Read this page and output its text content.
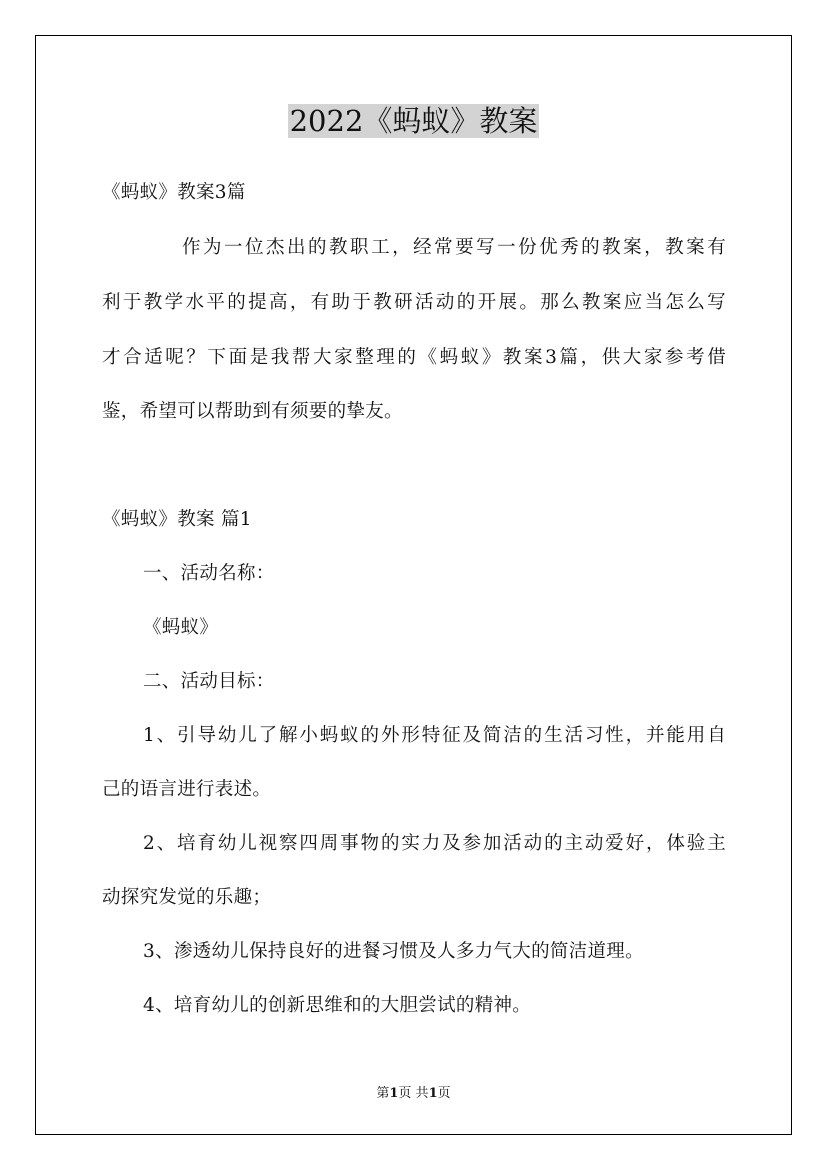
2022《蚂蚁》教案
《蚂蚁》教案3篇
作为一位杰出的教职工，经常要写一份优秀的教案，教案有
利于教学水平的提高，有助于教研活动的开展。那么教案应当怎么写
才合适呢？下面是我帮大家整理的《蚂蚁》教案3篇，供大家参考借
鉴，希望可以帮助到有须要的挚友。
《蚂蚁》教案 篇1
一、活动名称：
《蚂蚁》
二、活动目标：
1、引导幼儿了解小蚂蚁的外形特征及简洁的生活习性，并能用自
己的语言进行表述。
2、培育幼儿视察四周事物的实力及参加活动的主动爱好，体验主
动探究发觉的乐趣；
3、渗透幼儿保持良好的进餐习惯及人多力气大的简洁道理。
4、培育幼儿的创新思维和的大胆尝试的精神。
第1页 共1页
